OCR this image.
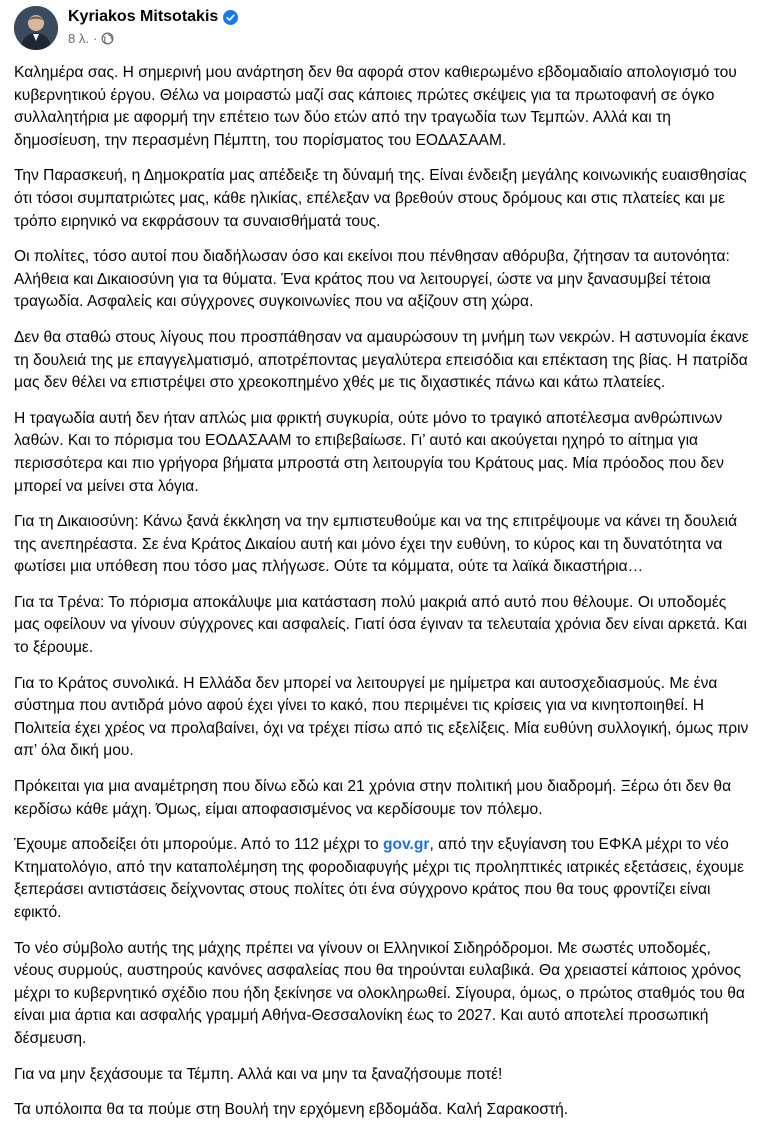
Kyriakos Mitsotakis
8 λ. ·

Καλημέρα σας. Η σημερινή μου ανάρτηση δεν θα αφορά στον καθιερωμένο εβδομαδιαίο απολογισμό του κυβερνητικού έργου. Θέλω να μοιραστώ μαζί σας κάποιες πρώτες σκέψεις για τα πρωτοφανή σε όγκο συλλαλητήρια με αφορμή την επέτειο των δύο ετών από την τραγωδία των Τεμπών. Αλλά και τη δημοσίευση, την περασμένη Πέμπτη, του πορίσματος του ΕΟΔΑΣΑΑΜ.

Την Παρασκευή, η Δημοκρατία μας απέδειξε τη δύναμή της. Είναι ένδειξη μεγάλης κοινωνικής ευαισθησίας ότι τόσοι συμπατριώτες μας, κάθε ηλικίας, επέλεξαν να βρεθούν στους δρόμους και στις πλατείες και με τρόπο ειρηνικό να εκφράσουν τα συναισθήματά τους.

Οι πολίτες, τόσο αυτοί που διαδήλωσαν όσο και εκείνοι που πένθησαν αθόρυβα, ζήτησαν τα αυτονόητα: Αλήθεια και Δικαιοσύνη για τα θύματα. Ένα κράτος που να λειτουργεί, ώστε να μην ξανασυμβεί τέτοια τραγωδία. Ασφαλείς και σύγχρονες συγκοινωνίες που να αξίζουν στη χώρα.

Δεν θα σταθώ στους λίγους που προσπάθησαν να αμαυρώσουν τη μνήμη των νεκρών. Η αστυνομία έκανε τη δουλειά της με επαγγελματισμό, αποτρέποντας μεγαλύτερα επεισόδια και επέκταση της βίας. Η πατρίδα μας δεν θέλει να επιστρέψει στο χρεοκοπημένο χθές με τις διχαστικές πάνω και κάτω πλατείες.

Η τραγωδία αυτή δεν ήταν απλώς μια φρικτή συγκυρία, ούτε μόνο το τραγικό αποτέλεσμα ανθρώπινων λαθών. Και το πόρισμα του ΕΟΔΑΣΑΑΜ το επιβεβαίωσε. Γι’ αυτό και ακούγεται ηχηρό το αίτημα για περισσότερα και πιο γρήγορα βήματα μπροστά στη λειτουργία του Κράτους μας. Μία πρόοδος που δεν μπορεί να μείνει στα λόγια.

Για τη Δικαιοσύνη: Κάνω ξανά έκκληση να την εμπιστευθούμε και να της επιτρέψουμε να κάνει τη δουλειά της ανεπηρέαστα. Σε ένα Κράτος Δικαίου αυτή και μόνο έχει την ευθύνη, το κύρος και τη δυνατότητα να φωτίσει μια υπόθεση που τόσο μας πλήγωσε. Ούτε τα κόμματα, ούτε τα λαϊκά δικαστήρια…

Για τα Τρένα: Το πόρισμα αποκάλυψε μια κατάσταση πολύ μακριά από αυτό που θέλουμε. Οι υποδομές μας οφείλουν να γίνουν σύγχρονες και ασφαλείς. Γιατί όσα έγιναν τα τελευταία χρόνια δεν είναι αρκετά. Και το ξέρουμε.

Για το Κράτος συνολικά. Η Ελλάδα δεν μπορεί να λειτουργεί με ημίμετρα και αυτοσχεδιασμούς. Με ένα σύστημα που αντιδρά μόνο αφού έχει γίνει το κακό, που περιμένει τις κρίσεις για να κινητοποιηθεί. Η Πολιτεία έχει χρέος να προλαβαίνει, όχι να τρέχει πίσω από τις εξελίξεις. Μία ευθύνη συλλογική, όμως πριν απ’ όλα δική μου.

Πρόκειται για μια αναμέτρηση που δίνω εδώ και 21 χρόνια στην πολιτική μου διαδρομή. Ξέρω ότι δεν θα κερδίσω κάθε μάχη. Όμως, είμαι αποφασισμένος να κερδίσουμε τον πόλεμο.

Έχουμε αποδείξει ότι μπορούμε. Από το 112 μέχρι το gov.gr, από την εξυγίανση του ΕΦΚΑ μέχρι το νέο Κτηματολόγιο, από την καταπολέμηση της φοροδιαφυγής μέχρι τις προληπτικές ιατρικές εξετάσεις, έχουμε ξεπεράσει αντιστάσεις δείχνοντας στους πολίτες ότι ένα σύγχρονο κράτος που θα τους φροντίζει είναι εφικτό.

Το νέο σύμβολο αυτής της μάχης πρέπει να γίνουν οι Ελληνικοί Σιδηρόδρομοι. Με σωστές υποδομές, νέους συρμούς, αυστηρούς κανόνες ασφαλείας που θα τηρούνται ευλαβικά. Θα χρειαστεί κάποιος χρόνος μέχρι το κυβερνητικό σχέδιο που ήδη ξεκίνησε να ολοκληρωθεί. Σίγουρα, όμως, ο πρώτος σταθμός του θα είναι μια άρτια και ασφαλής γραμμή Αθήνα-Θεσσαλονίκη έως το 2027. Και αυτό αποτελεί προσωπική δέσμευση.

Για να μην ξεχάσουμε τα Τέμπη. Αλλά και να μην τα ξαναζήσουμε ποτέ!

Τα υπόλοιπα θα τα πούμε στη Βουλή την ερχόμενη εβδομάδα. Καλή Σαρακοστή.
